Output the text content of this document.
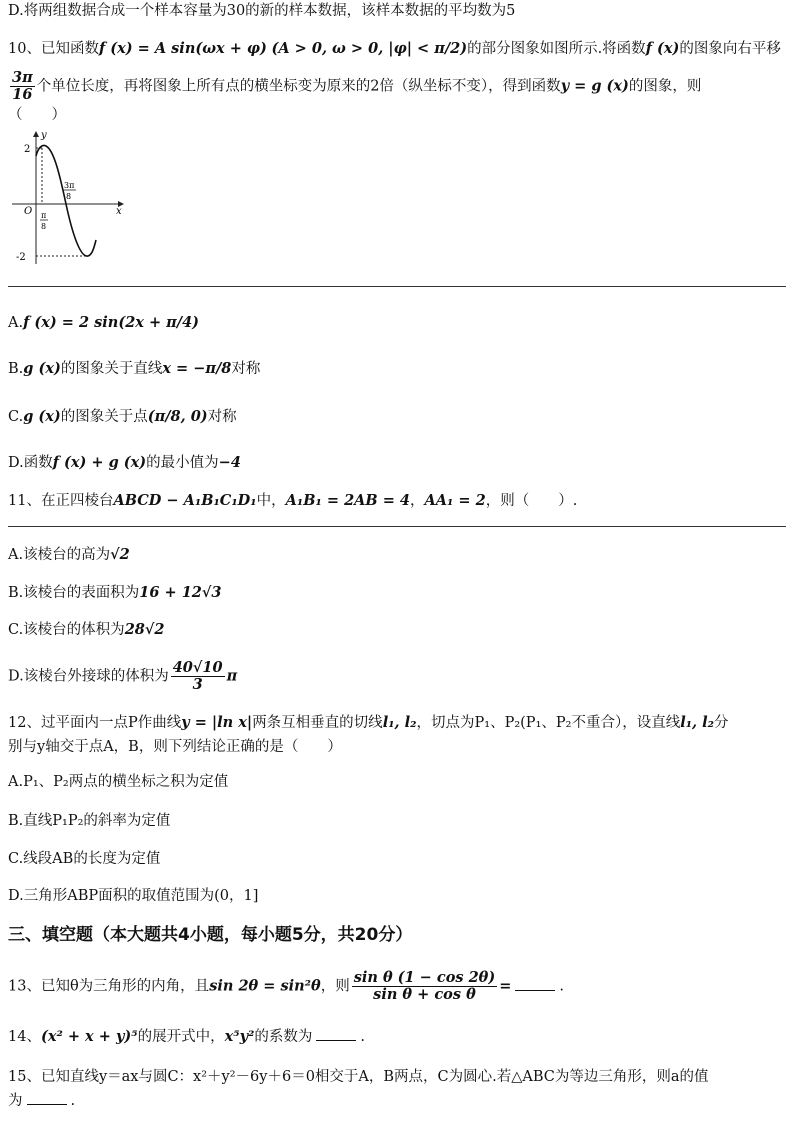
D.将两组数据合成一个样本容量为30的新的样本数据，该样本数据的平均数为5
10、已知函数f (x) = A sin(ωx + φ) (A > 0, ω > 0, |φ| < π/2)的部分图象如图所示.将函数f (x)的图象向右平移
$\frac{3\pi}{16}$ 个单位长度，再将图象上所有点的横坐标变为原来的2倍（纵坐标不变），得到函数y = g (x)的图象，则
（　　）
y
x
O
2
-2
π
8
3π
8
A.f (x) = 2 sin(2x + π/4)
B.g (x)的图象关于直线x = −π/8对称
C.g (x)的图象关于点(π/8, 0)对称
D.函数f (x) + g (x)的最小值为−4
11、在正四棱台ABCD − A₁B₁C₁D₁中，A₁B₁ = 2AB = 4，AA₁ = 2，则（　　）.
A.该棱台的高为√2
B.该棱台的表面积为16 + 12√3
C.该棱台的体积为28√2
D.该棱台外接球的体积为 $\frac{40√10}{3}$ π
12、过平面内一点P作曲线y = |ln x|两条互相垂直的切线l₁, l₂，切点为P₁、P₂(P₁、P₂不重合），设直线l₁, l₂分
别与y轴交于点A，B，则下列结论正确的是（　　）
A.P₁、P₂两点的横坐标之积为定值
B.直线P₁P₂的斜率为定值
C.线段AB的长度为定值
D.三角形ABP面积的取值范围为(0，1]
三、填空题（本大题共4小题，每小题5分，共20分）
13、已知θ为三角形的内角，且sin 2θ = sin²θ，则 $\frac{\text{sin θ (1 − cos 2θ)}}{\text{sin θ + cos θ}}$ =	.
14、(x² + x + y)⁵的展开式中，x⁵y²的系数为	.
15、已知直线y＝ax与圆C：x²＋y²－6y＋6＝0相交于A，B两点，C为圆心.若△ABC为等边三角形，则a的值
为	.
